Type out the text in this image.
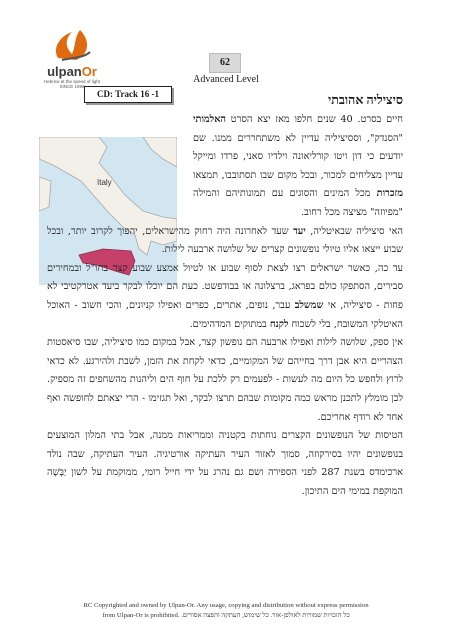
ulpanOr
Hebrew at the speed of light
SINCE 1996
62
Advanced Level
CD: Track 16 -1	סיציליה אהובתי
Italy

חיים בסרט. 40 שנים חלפו מאז יצא הסרט האלמותי "הסנדק", וססיציליה עדיין לא משתחררים ממנו. שם יודעים כי דון ויטו קורליאונה וילדיו סאני, פרדו ומייקל עדיין מצליחים למכור, ובכל מקום שבו תסתובבו, תמצאו מזכרות מכל המינים והסוגים עם תמונותיהם והמילה "מפיוזה" מציצה מכל רחוב.

האי סיציליה שבאיטליה, יעד שעד לאחרונה היה רחוק מהישראלים, יהפוך לקרוב יותר, ובכל שבוע ייצאו אליו טיולי נופשונים קצרים של שלושה ארבעה לילות.

עד כה, כאשר ישראלים רצו לצאת לסוף שבוע או לטיול אמצע שבוע קצר בחו"ל ובמחירים סבירים, הסתפקו כולם בפראג, ברצלונה או בבודפשט. כעת הם יוכלו לבקר ביעד אטרקטיבי לא פחות - סיציליה, אי שמשלב עבר, נופים, אתרים, כפרים ואפילו קניונים, והכי חשוב - האוכל האיטלקי המשובח, בלי לשכוח לקנח במתוקים המדהימים.

אין ספק, שלושה לילות ואפילו ארבעה הם נופשון קצר, אבל במקום כמו סיציליה, שבו סיאסטות הצהריים היא אבן דרך בחייהם של המקומיים, כדאי לקחת את הזמן, לשבת ולהירגע. לא כדאי לרוץ ולחפש כל היום מה לעשות - לפעמים רק ללכת על חוף הים וליהנות מהשחפים זה מספיק. לכן מומלץ לתכנן מראש כמה מקומות שבהם תרצו לבקר, ואל תגזימו - הרי יצאתם לחופשה ואף אחד לא רודף אחריכם.

הטיסות של הנופשונים הקצרים נוחתות בקטניה וממריאות ממנה, אבל בתי המלון המוצעים בנופשונים יהיו בסירקוזה, סמוך לאזור העיר העתיקה אורטיגיה. העיר העתיקה, שבה נולד ארכימדס בשנת 287 לפני הספירה ושם גם נהרג על ידי חייל רומי, ממוקמת על לשון יַבָּשָׁה המוקפת במימי הים התיכון.

RC Copyrighted and owned by Ulpan-Or. Any usage, copying and distribution without express permission
from Ulpan-Or is prohibited. כל הזכויות שמורות לאולפן-אור. כל שימוש, העתקה והפצה אסורים.
